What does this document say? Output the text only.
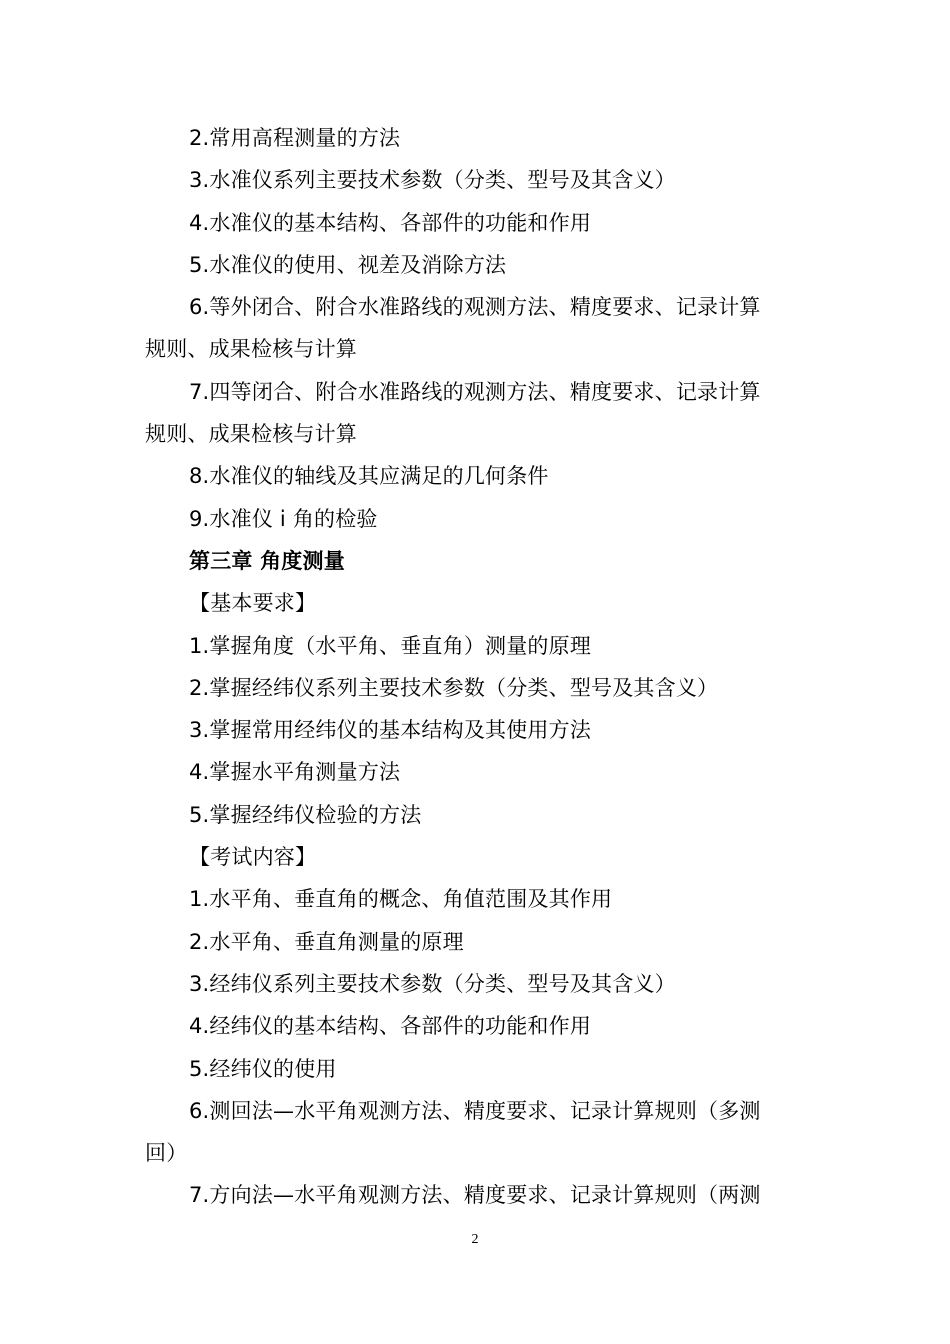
2.常用高程测量的方法
3.水准仪系列主要技术参数（分类、型号及其含义）
4.水准仪的基本结构、各部件的功能和作用
5.水准仪的使用、视差及消除方法
6.等外闭合、附合水准路线的观测方法、精度要求、记录计算
规则、成果检核与计算
7.四等闭合、附合水准路线的观测方法、精度要求、记录计算
规则、成果检核与计算
8.水准仪的轴线及其应满足的几何条件
9.水准仪 i 角的检验
第三章 角度测量
【基本要求】
1.掌握角度（水平角、垂直角）测量的原理
2.掌握经纬仪系列主要技术参数（分类、型号及其含义）
3.掌握常用经纬仪的基本结构及其使用方法
4.掌握水平角测量方法
5.掌握经纬仪检验的方法
【考试内容】
1.水平角、垂直角的概念、角值范围及其作用
2.水平角、垂直角测量的原理
3.经纬仪系列主要技术参数（分类、型号及其含义）
4.经纬仪的基本结构、各部件的功能和作用
5.经纬仪的使用
6.测回法—水平角观测方法、精度要求、记录计算规则（多测
回）
7.方向法—水平角观测方法、精度要求、记录计算规则（两测
2
